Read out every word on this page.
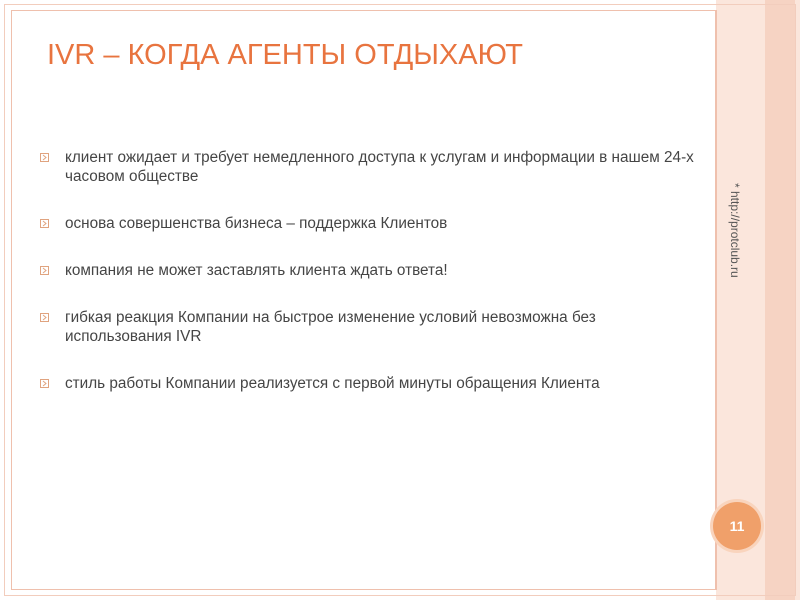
IVR – КОГДА АГЕНТЫ ОТДЫХАЮТ
клиент ожидает и требует немедленного доступа к услугам и информации в нашем 24-х часовом обществе
основа совершенства бизнеса – поддержка Клиентов
компания не может заставлять клиента ждать ответа!
гибкая реакция Компании на быстрое изменение условий невозможна без использования IVR
стиль работы Компании реализуется с первой минуты обращения Клиента
* http://protclub.ru
11
